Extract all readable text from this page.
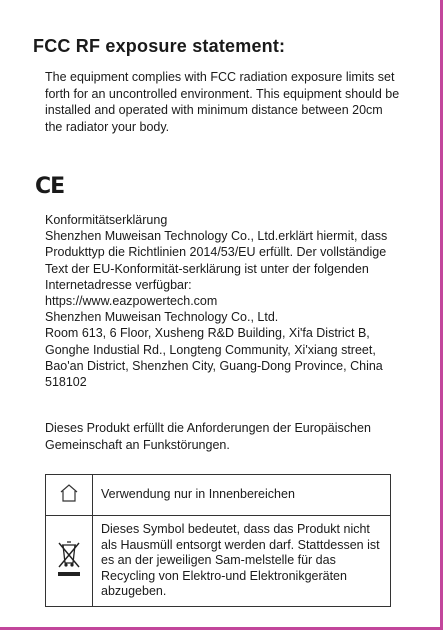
FCC RF exposure statement:

The equipment complies with FCC radiation exposure limits set forth for an uncontrolled environment. This equipment should be installed and operated with minimum distance between 20cm the radiator your body.

CE
Konformitätserklärung

Shenzhen Muweisan Technology Co., Ltd.erklärt hiermit, dass Produkttyp die Richtlinien 2014/53/EU erfüllt. Der vollständige Text der EU-Konformität-serklärung ist unter der folgenden Internetadresse verfügbar:

https://www.eazpowertech.com
Shenzhen Muweisan Technology Co., Ltd.

Room 613, 6 Floor, Xusheng R&D Building, Xi'fa District B, Gonghe Industial Rd., Longteng Community, Xi'xiang street, Bao'an District, Shenzhen City, Guang-Dong Province, China 518102

Dieses Produkt erfüllt die Anforderungen der Europäischen Gemeinschaft an Funkstörungen.

	Verwendung nur in Innenbereichen
	Dieses Symbol bedeutet, dass das Produkt nicht als Hausmüll entsorgt werden darf. Stattdessen ist es an der jeweiligen Sam-melstelle für das Recycling von Elektro-und Elektronikgeräten abzugeben.
